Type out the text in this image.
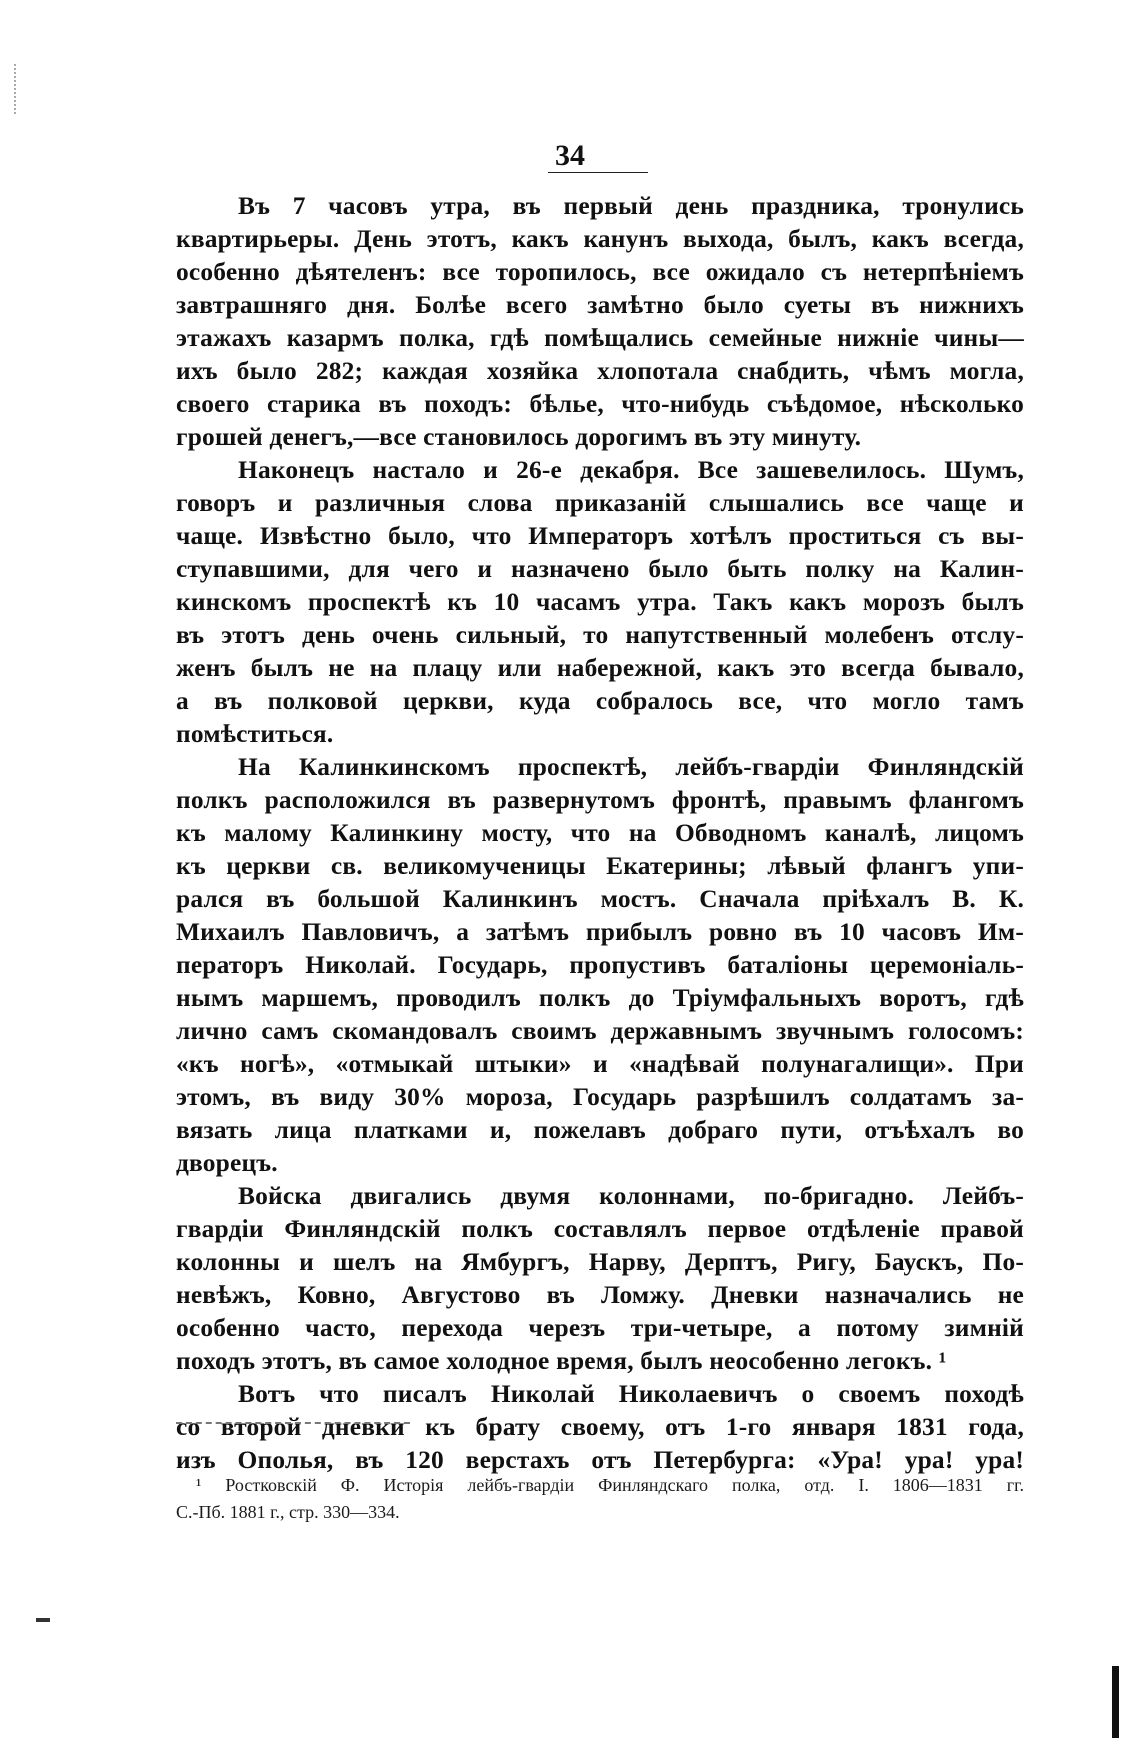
34
Въ 7 часовъ утра, въ первый день праздника, тронулись
квартирьеры. День этотъ, какъ канунъ выхода, былъ, какъ всегда,
особенно дѣятеленъ: все торопилось, все ожидало съ нетерпѣніемъ
завтрашняго дня. Болѣе всего замѣтно было суеты въ нижнихъ
этажахъ казармъ полка, гдѣ помѣщались семейные нижніе чины—
ихъ было 282; каждая хозяйка хлопотала снабдить, чѣмъ могла,
своего старика въ походъ: бѣлье, что-нибудь съѣдомое, нѣсколько
грошей денегъ,—все становилось дорогимъ въ эту минуту.
Наконецъ настало и 26-е декабря. Все зашевелилось. Шумъ,
говоръ и различныя слова приказаній слышались все чаще и
чаще. Извѣстно было, что Императоръ хотѣлъ проститься съ вы-
ступавшими, для чего и назначено было быть полку на Калин-
кинскомъ проспектѣ къ 10 часамъ утра. Такъ какъ морозъ былъ
въ этотъ день очень сильный, то напутственный молебенъ отслу-
женъ былъ не на плацу или набережной, какъ это всегда бывало,
а въ полковой церкви, куда собралось все, что могло тамъ
помѣститься.
На Калинкинскомъ проспектѣ, лейбъ-гвардіи Финляндскій
полкъ расположился въ развернутомъ фронтѣ, правымъ флангомъ
къ малому Калинкину мосту, что на Обводномъ каналѣ, лицомъ
къ церкви св. великомученицы Екатерины; лѣвый флангъ упи-
рался въ большой Калинкинъ мостъ. Сначала пріѣхалъ В. К.
Михаилъ Павловичъ, а затѣмъ прибылъ ровно въ 10 часовъ Им-
ператоръ Николай. Государь, пропустивъ баталіоны церемоніаль-
нымъ маршемъ, проводилъ полкъ до Тріумфальныхъ воротъ, гдѣ
лично самъ скомандовалъ своимъ державнымъ звучнымъ голосомъ:
«къ ногѣ», «отмыкай штыки» и «надѣвай полунагалищи». При
этомъ, въ виду 30% мороза, Государь разрѣшилъ солдатамъ за-
вязать лица платками и, пожелавъ добраго пути, отъѣхалъ во
дворецъ.
Войска двигались двумя колоннами, по-бригадно. Лейбъ-
гвардіи Финляндскій полкъ составлялъ первое отдѣленіе правой
колонны и шелъ на Ямбургъ, Нарву, Дерптъ, Ригу, Баускъ, По-
невѣжъ, Ковно, Августово въ Ломжу. Дневки назначались не
особенно часто, перехода черезъ три-четыре, а потому зимній
походъ этотъ, въ самое холодное время, былъ неособенно легокъ. ¹
Вотъ что писалъ Николай Николаевичъ о своемъ походѣ
со второй дневки къ брату своему, отъ 1-го января 1831 года,
изъ Ополья, въ 120 верстахъ отъ Петербурга: «Ура! ура! ура!
¹ Ростковскій Ф. Исторія лейбъ-гвардіи Финляндскаго полка, отд. I. 1806—1831 гг.
С.-Пб. 1881 г., стр. 330—334.
